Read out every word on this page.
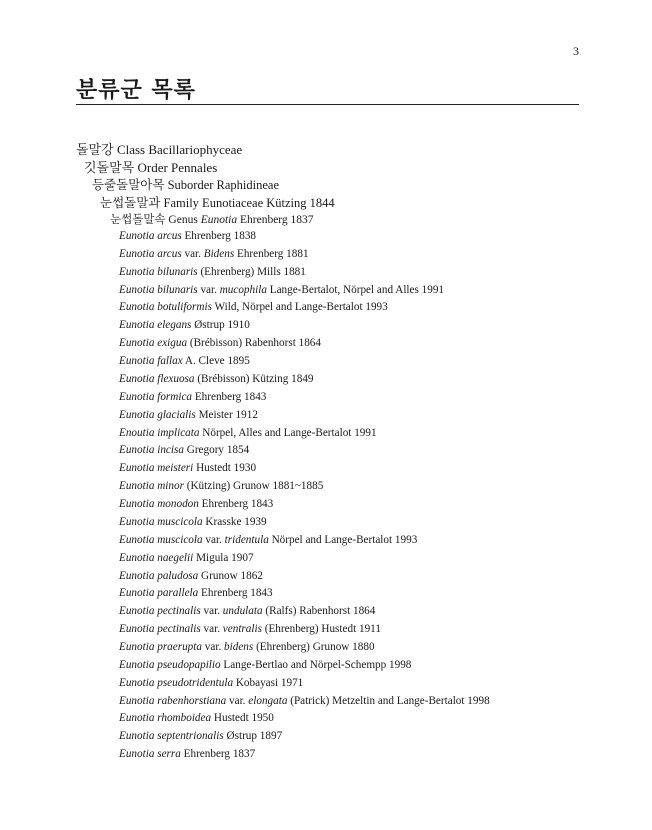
3
분류군 목록
돌말강 Class Bacillariophyceae
깃돌말목 Order Pennales
등줄돌말아목 Suborder Raphidineae
눈썹돌말과 Family Eunotiaceae Kützing 1844
눈썹돌말속 Genus Eunotia Ehrenberg 1837
Eunotia arcus Ehrenberg 1838
Eunotia arcus var. Bidens Ehrenberg 1881
Eunotia bilunaris (Ehrenberg) Mills 1881
Eunotia bilunaris var. mucophila Lange-Bertalot, Nörpel and Alles 1991
Eunotia botuliformis Wild, Nörpel and Lange-Bertalot 1993
Eunotia elegans Østrup 1910
Eunotia exigua (Brébisson) Rabenhorst 1864
Eunotia fallax A. Cleve 1895
Eunotia flexuosa (Brébisson) Kützing 1849
Eunotia formica Ehrenberg 1843
Eunotia glacialis Meister 1912
Enoutia implicata Nörpel, Alles and Lange-Bertalot 1991
Eunotia incisa Gregory 1854
Eunotia meisteri Hustedt 1930
Eunotia minor (Kützing) Grunow 1881~1885
Eunotia monodon Ehrenberg 1843
Eunotia muscicola Krasske 1939
Eunotia muscicola var. tridentula Nörpel and Lange-Bertalot 1993
Eunotia naegelii Migula 1907
Eunotia paludosa Grunow 1862
Eunotia parallela Ehrenberg 1843
Eunotia pectinalis var. undulata (Ralfs) Rabenhorst 1864
Eunotia pectinalis var. ventralis (Ehrenberg) Hustedt 1911
Eunotia praerupta var. bidens (Ehrenberg) Grunow 1880
Eunotia pseudopapilio Lange-Bertlao and Nörpel-Schempp 1998
Eunotia pseudotridentula Kobayasi 1971
Eunotia rabenhorstiana var. elongata (Patrick) Metzeltin and Lange-Bertalot 1998
Eunotia rhomboidea Hustedt 1950
Eunotia septentrionalis Østrup 1897
Eunotia serra Ehrenberg 1837
